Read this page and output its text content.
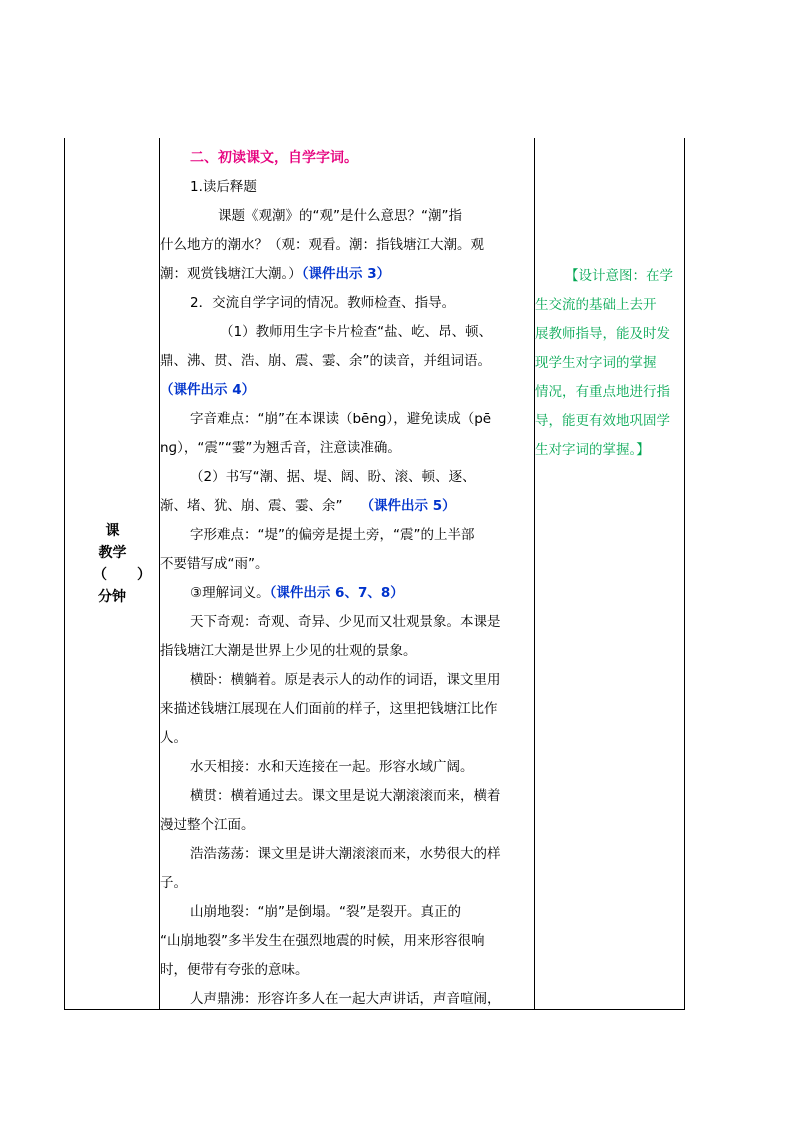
课
教学
（ ）
分钟
二、初读课文，自学字词。
1.读后释题
课题《观潮》的“观”是什么意思？“潮”指
什么地方的潮水？（观：观看。潮：指钱塘江大潮。观
潮：观赏钱塘江大潮。）（课件出示 3）
2．交流自学字词的情况。教师检查、指导。
（1）教师用生字卡片检查“盐、屹、昂、顿、
鼎、沸、贯、浩、崩、震、霎、余”的读音，并组词语。
（课件出示 4）
字音难点：“崩”在本课读（bēnɡ），避免读成（pē
nɡ），“震”“霎”为翘舌音，注意读准确。
（2）书写“潮、据、堤、阔、盼、滚、顿、逐、
渐、堵、犹、崩、震、霎、余” （课件出示 5）
字形难点：“堤”的偏旁是提土旁，“震”的上半部
不要错写成“雨”。
③理解词义。（课件出示 6、7、8）
天下奇观：奇观、奇异、少见而又壮观景象。本课是
指钱塘江大潮是世界上少见的壮观的景象。
横卧：横躺着。原是表示人的动作的词语，课文里用
来描述钱塘江展现在人们面前的样子，这里把钱塘江比作
人。
水天相接：水和天连接在一起。形容水域广阔。
横贯：横着通过去。课文里是说大潮滚滚而来，横着
漫过整个江面。
浩浩荡荡：课文里是讲大潮滚滚而来，水势很大的样
子。
山崩地裂：“崩”是倒塌。“裂”是裂开。真正的
“山崩地裂”多半发生在强烈地震的时候，用来形容很响
时，便带有夸张的意味。
人声鼎沸：形容许多人在一起大声讲话，声音喧闹，
【设计意图：在学
生交流的基础上去开
展教师指导，能及时发
现学生对字词的掌握
情况，有重点地进行指
导，能更有效地巩固学
生对字词的掌握。】
